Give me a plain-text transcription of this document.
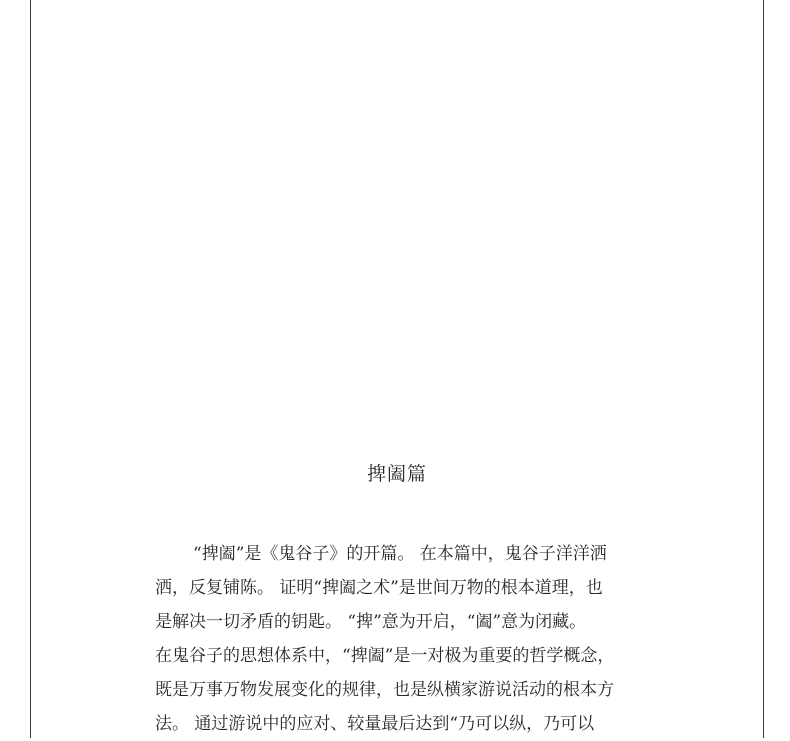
捭阖篇
“捭阖”是《鬼谷子》的开篇。 在本篇中，鬼谷子洋洋洒
洒，反复铺陈。 证明“捭阖之术”是世间万物的根本道理，也
是解决一切矛盾的钥匙。 “捭”意为开启，“阖”意为闭藏。
在鬼谷子的思想体系中，“捭阖”是一对极为重要的哲学概念，
既是万事万物发展变化的规律，也是纵横家游说活动的根本方
法。 通过游说中的应对、较量最后达到“乃可以纵，乃可以
